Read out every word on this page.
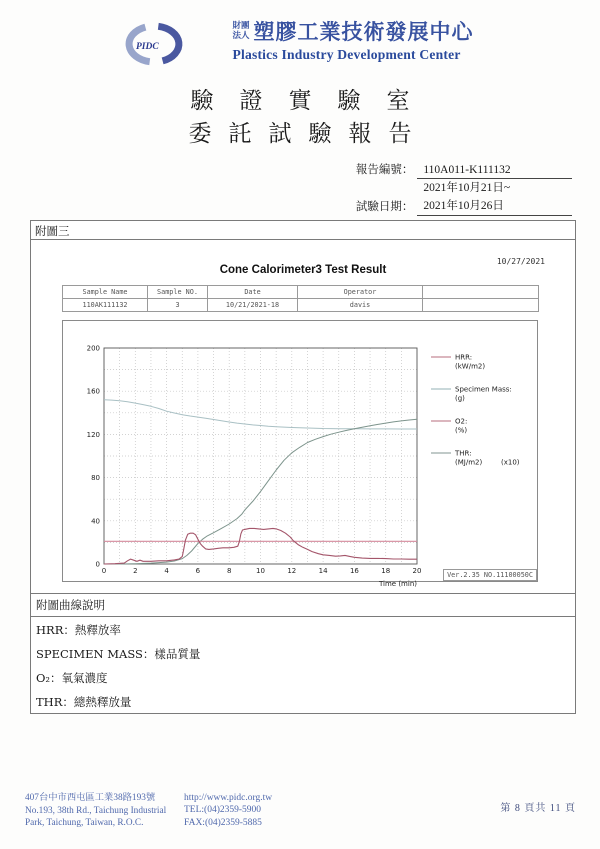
PIDC
財團
法人 塑膠工業技術發展中心
Plastics Industry Development Center
驗證實驗室
委託試驗報告
報告編號： 110A011-K111132
2021年10月21日~
試驗日期： 2021年10月26日
附圖三
10/27/2021
Cone Calorimeter3 Test Result
Sample Name	Sample NO.	Date	Operator	
110AK111132	3	10/21/2021-18	davis	
0
40
80
120
160
200
0	2	4	6	8	10	12	14	16	18	20
Time (min)
HRR:
(kW/m2)
Specimen Mass:
(g)
O2:
(%)
THR:
(MJ/m2)	(x10)
Ver.2.35 NO.11100050C
附圖曲線說明
HRR：熱釋放率
SPECIMEN MASS：樣品質量
O₂：氧氣濃度
THR：總熱釋放量
407台中市西屯區工業38路193號
No.193, 38th Rd., Taichung Industrial
Park, Taichung, Taiwan, R.O.C.
http://www.pidc.org.tw
TEL:(04)2359-5900
FAX:(04)2359-5885
第 8 頁共 11 頁
